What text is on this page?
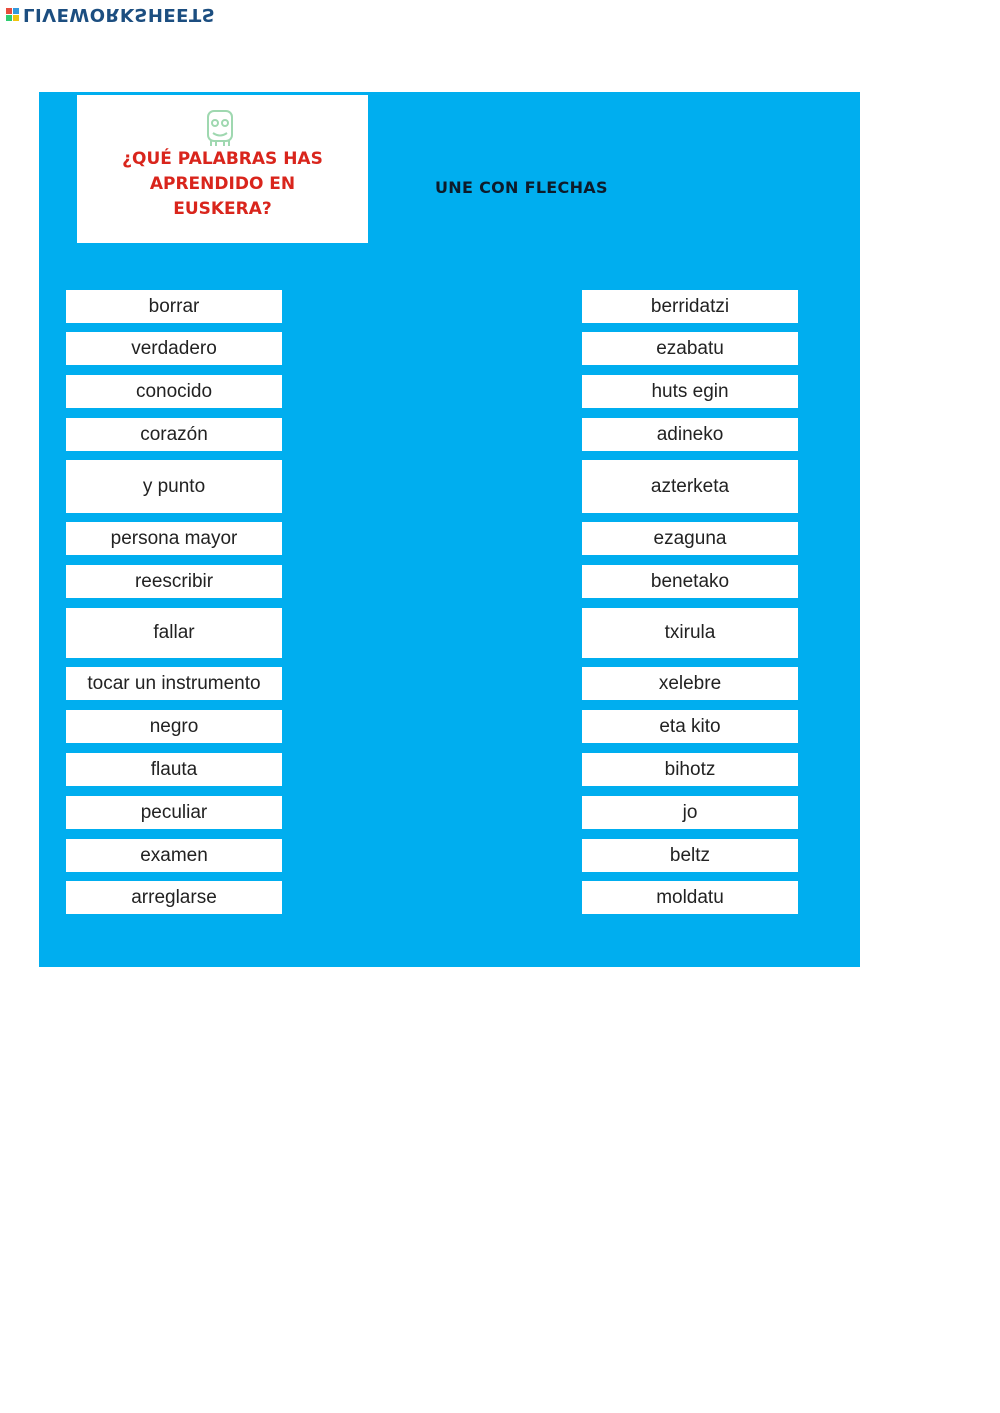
LIVEWORKSHEETS
¿QUÉ PALABRAS HAS
APRENDIDO EN
EUSKERA?
UNE CON FLECHAS
borrar
verdadero
conocido
corazón
y punto
persona mayor
reescribir
fallar
tocar un instrumento
negro
flauta
peculiar
examen
arreglarse
berridatzi
ezabatu
huts egin
adineko
azterketa
ezaguna
benetako
txirula
xelebre
eta kito
bihotz
jo
beltz
moldatu
